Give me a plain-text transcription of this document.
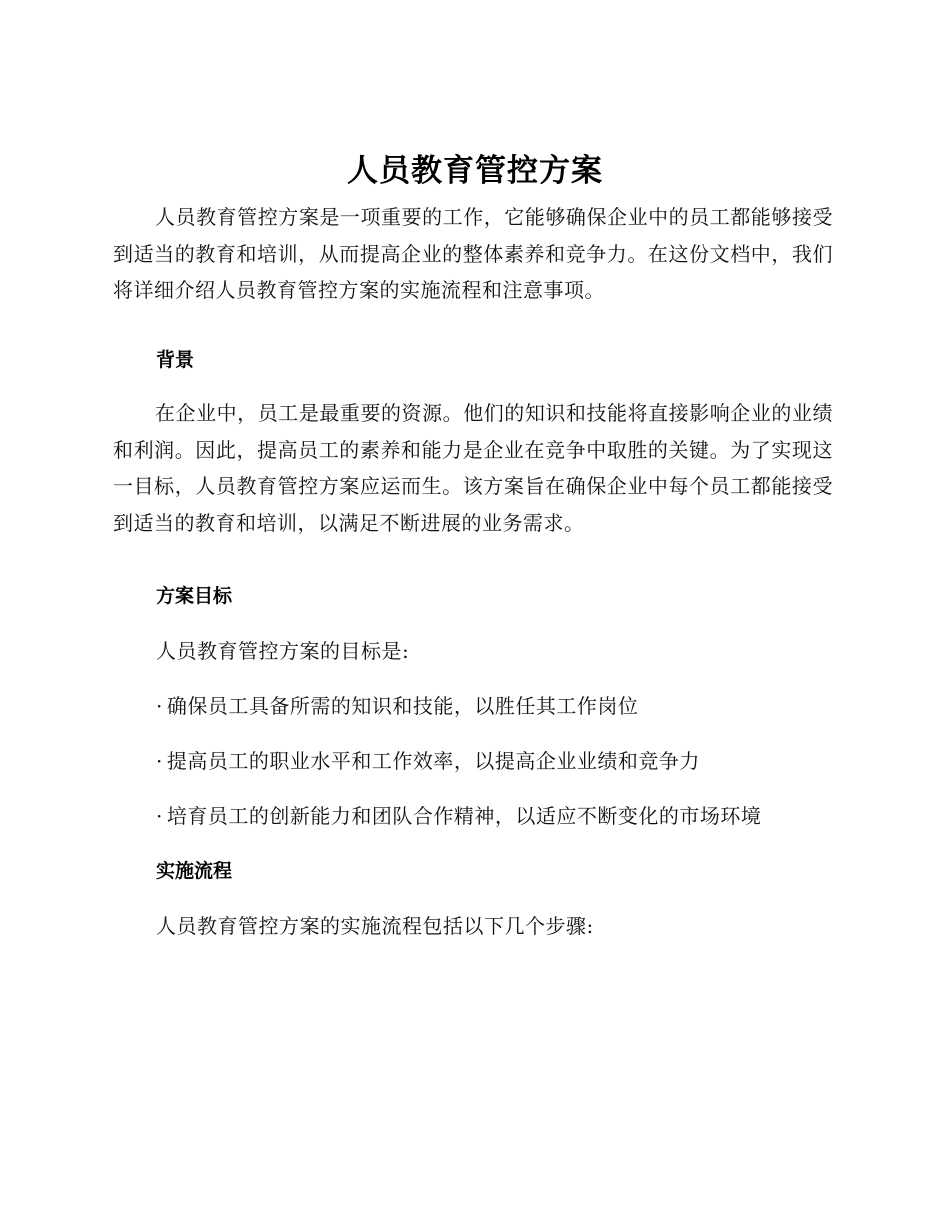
人员教育管控方案
人员教育管控方案是一项重要的工作，它能够确保企业中的员工都能够接受到适当的教育和培训，从而提高企业的整体素养和竞争力。在这份文档中，我们将详细介绍人员教育管控方案的实施流程和注意事项。
背景
在企业中，员工是最重要的资源。他们的知识和技能将直接影响企业的业绩和利润。因此，提高员工的素养和能力是企业在竞争中取胜的关键。为了实现这一目标，人员教育管控方案应运而生。该方案旨在确保企业中每个员工都能接受到适当的教育和培训，以满足不断进展的业务需求。
方案目标
人员教育管控方案的目标是:
· 确保员工具备所需的知识和技能，以胜任其工作岗位
· 提高员工的职业水平和工作效率，以提高企业业绩和竞争力
· 培育员工的创新能力和团队合作精神，以适应不断变化的市场环境
实施流程
人员教育管控方案的实施流程包括以下几个步骤:
